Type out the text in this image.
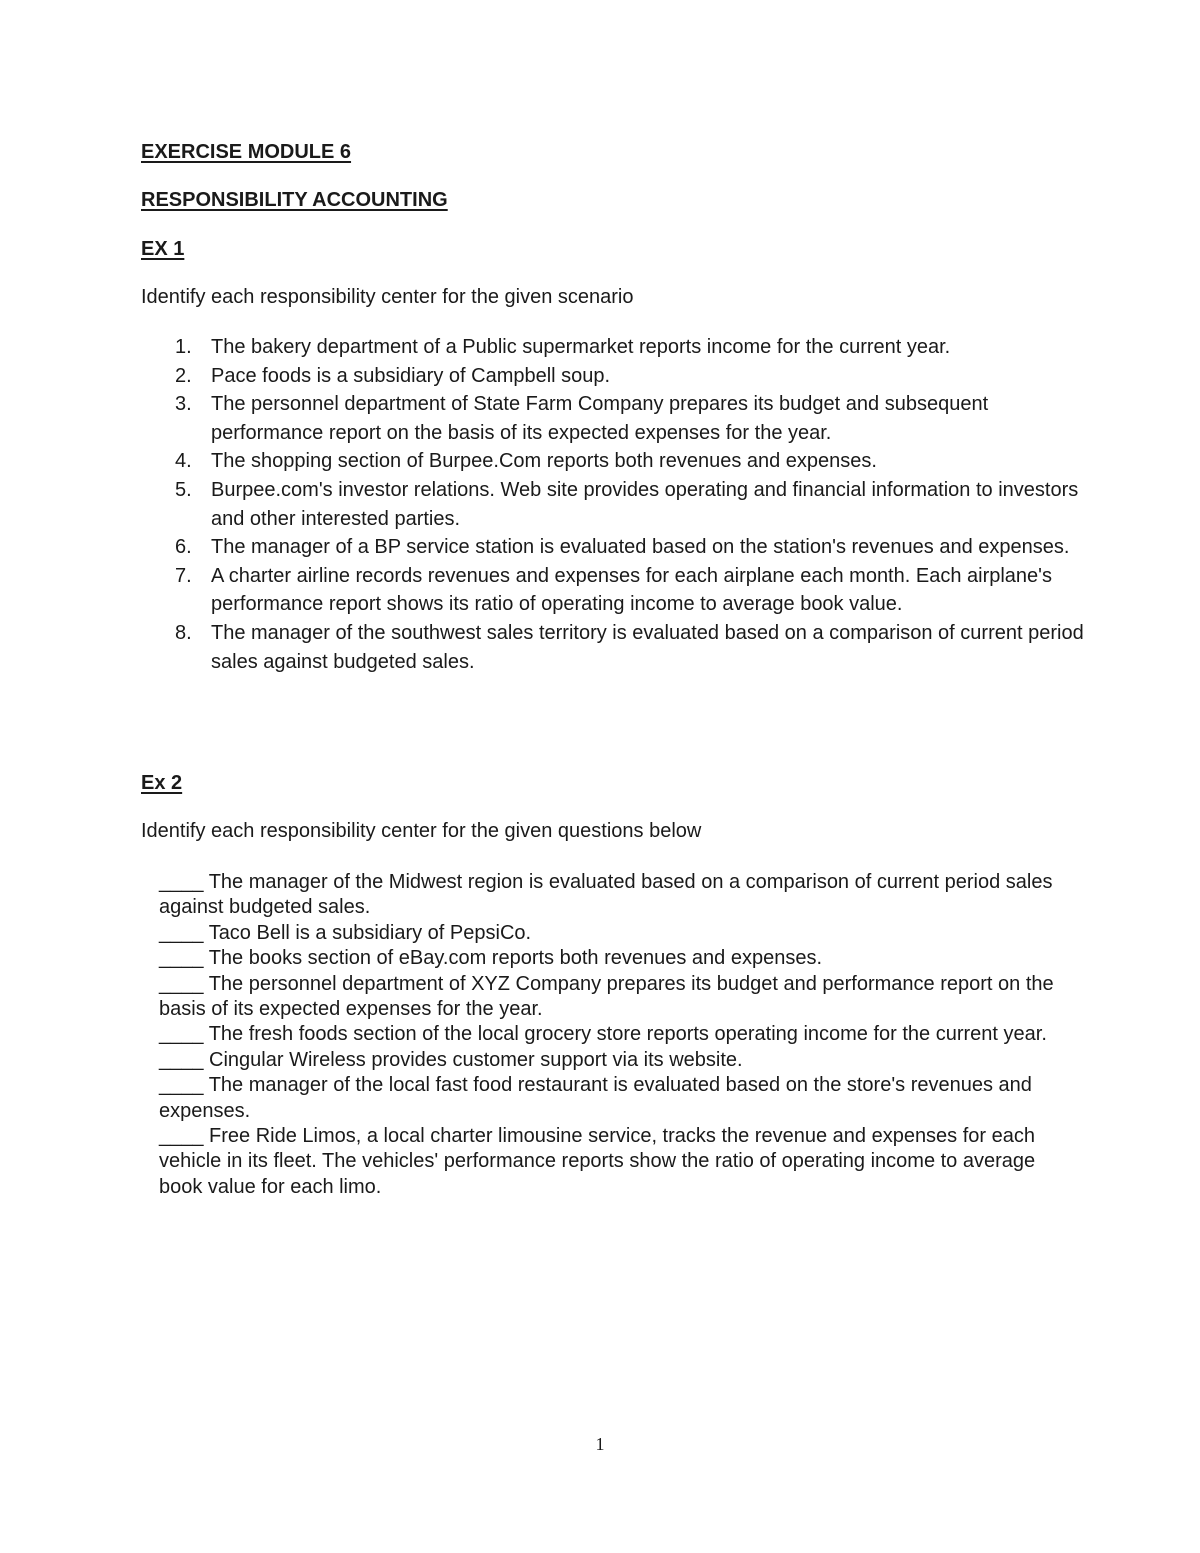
EXERCISE MODULE 6
RESPONSIBILITY ACCOUNTING
EX 1
Identify each responsibility center for the given scenario
1. The bakery department of a Public supermarket reports income for the current year.
2. Pace foods is a subsidiary of Campbell soup.
3. The personnel department of State Farm Company prepares its budget and subsequent performance report on the basis of its expected expenses for the year.
4. The shopping section of Burpee.Com reports both revenues and expenses.
5. Burpee.com's investor relations. Web site provides operating and financial information to investors and other interested parties.
6. The manager of a BP service station is evaluated based on the station's revenues and expenses.
7. A charter airline records revenues and expenses for each airplane each month. Each airplane's performance report shows its ratio of operating income to average book value.
8. The manager of the southwest sales territory is evaluated based on a comparison of current period sales against budgeted sales.
Ex 2
Identify each responsibility center for the given questions below
____ The manager of the Midwest region is evaluated based on a comparison of current period sales against budgeted sales.
____ Taco Bell is a subsidiary of PepsiCo.
____ The books section of eBay.com reports both revenues and expenses.
____ The personnel department of XYZ Company prepares its budget and performance report on the basis of its expected expenses for the year.
____ The fresh foods section of the local grocery store reports operating income for the current year.
____ Cingular Wireless provides customer support via its website.
____ The manager of the local fast food restaurant is evaluated based on the store's revenues and expenses.
____ Free Ride Limos, a local charter limousine service, tracks the revenue and expenses for each vehicle in its fleet. The vehicles' performance reports show the ratio of operating income to average book value for each limo.
1
